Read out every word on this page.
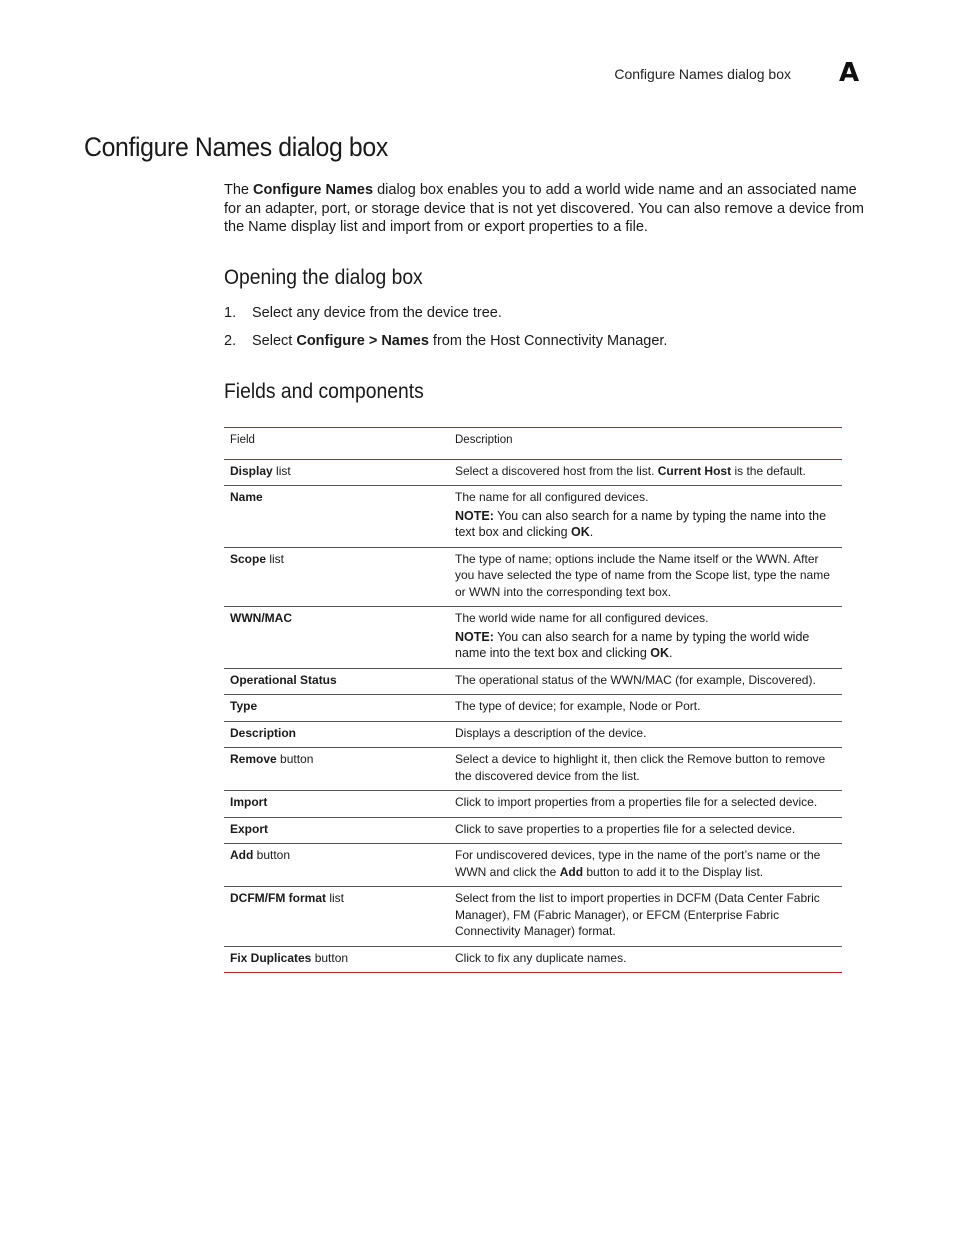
Configure Names dialog box A
Configure Names dialog box

The Configure Names dialog box enables you to add a world wide name and an associated name for an adapter, port, or storage device that is not yet discovered. You can also remove a device from the Name display list and import from or export properties to a file.

Opening the dialog box
1.	Select any device from the device tree.
2.	Select Configure > Names from the Host Connectivity Manager.
Fields and components
Field	Description
Display list	Select a discovered host from the list. Current Host is the default.

Name	The name for all configured devices.

NOTE: You can also search for a name by typing the name into the text box and clicking OK.

Scope list	The type of name; options include the Name itself or the WWN. After you have selected the type of name from the Scope list, type the name or WWN into the corresponding text box.

WWN/MAC	The world wide name for all configured devices.

NOTE: You can also search for a name by typing the world wide name into the text box and clicking OK.

Operational Status	The operational status of the WWN/MAC (for example, Discovered).

Type	The type of device; for example, Node or Port.

Description	Displays a description of the device.

Remove button	Select a device to highlight it, then click the Remove button to remove the discovered device from the list.

Import	Click to import properties from a properties file for a selected device.

Export	Click to save properties to a properties file for a selected device.

Add button	For undiscovered devices, type in the name of the port’s name or the WWN and click the Add button to add it to the Display list.

DCFM/FM format list	Select from the list to import properties in DCFM (Data Center Fabric Manager), FM (Fabric Manager), or EFCM (Enterprise Fabric Connectivity Manager) format.

Fix Duplicates button	Click to fix any duplicate names.
